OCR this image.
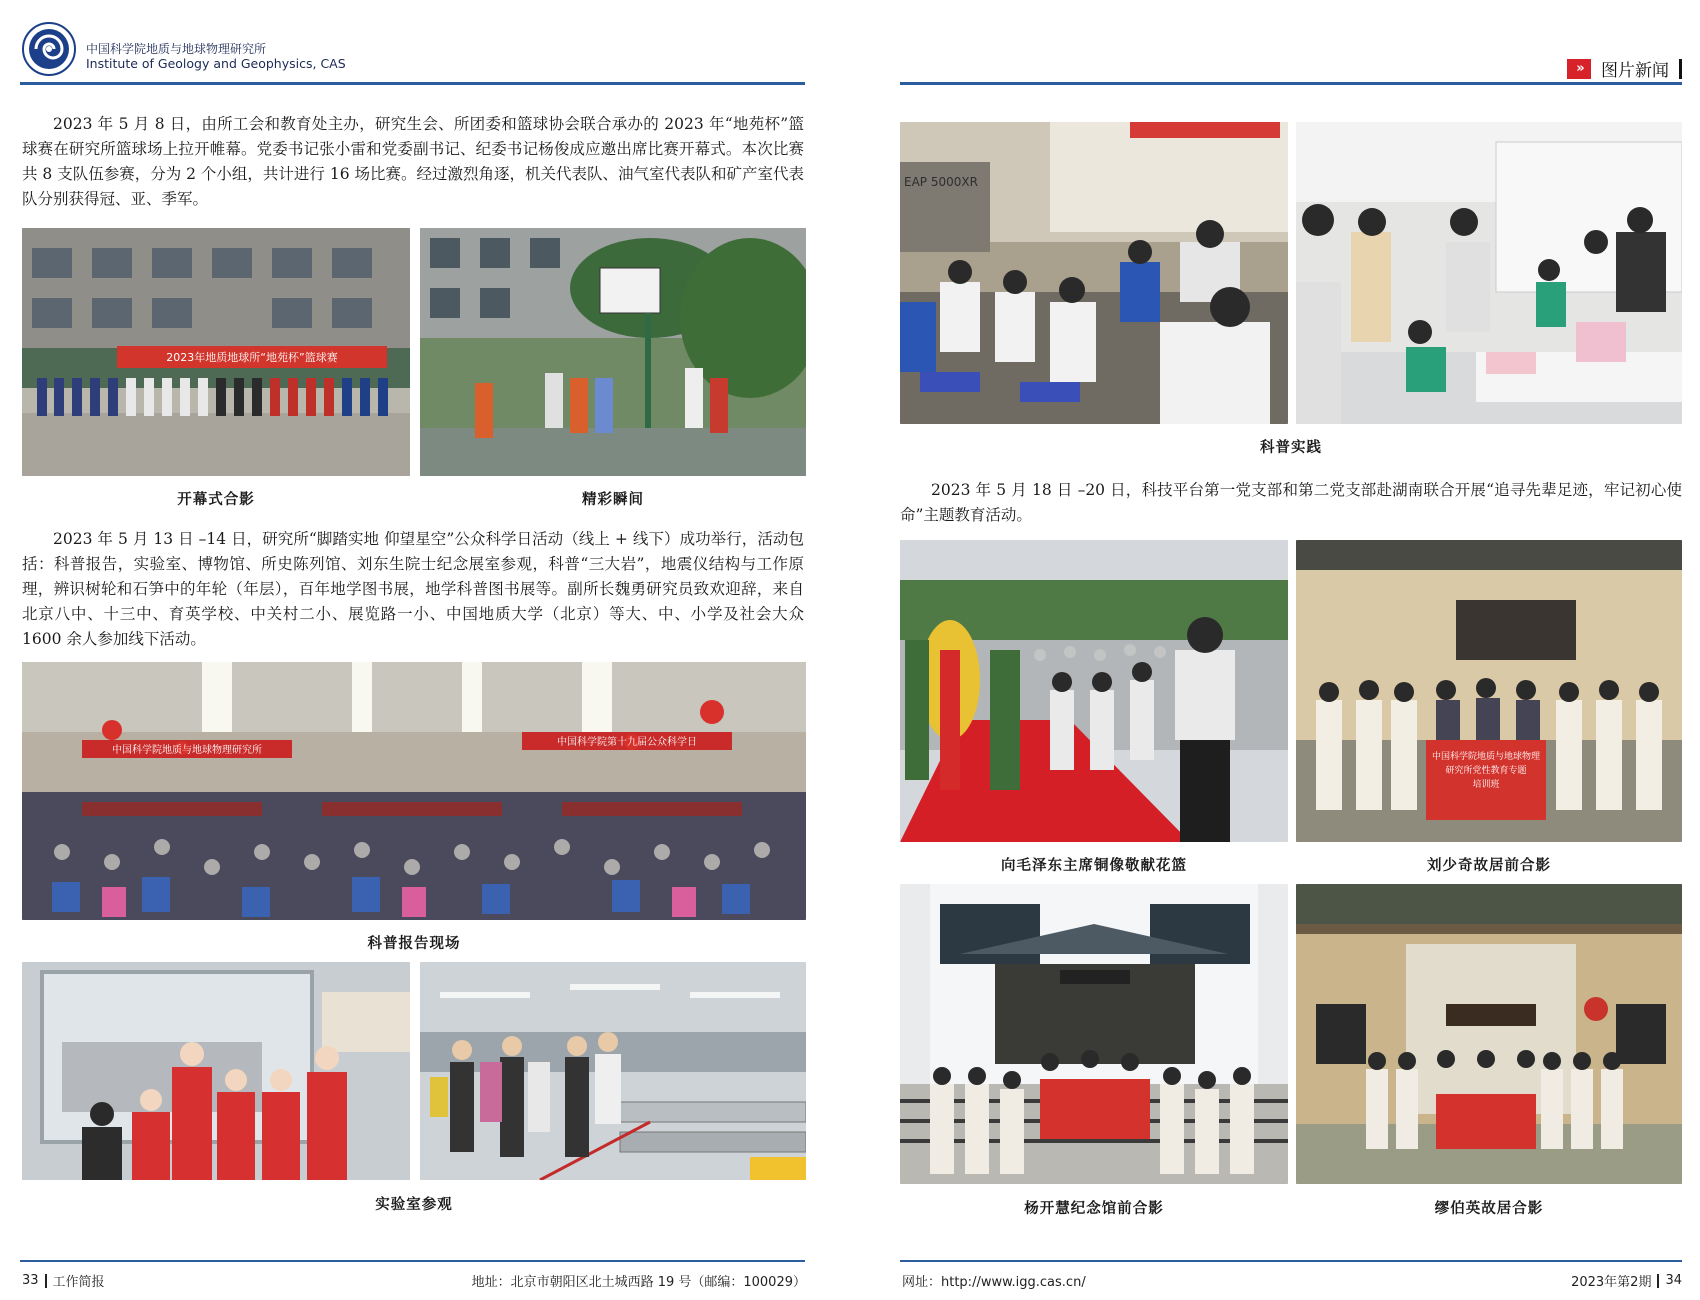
中国科学院地质与地球物理研究所
Institute of Geology and Geophysics, CAS

2023 年 5 月 8 日，由所工会和教育处主办，研究生会、所团委和篮球协会联合承办的 2023 年“地苑杯”篮球赛在研究所篮球场上拉开帷幕。党委书记张小雷和党委副书记、纪委书记杨俊成应邀出席比赛开幕式。本次比赛共 8 支队伍参赛，分为 2 个小组，共计进行 16 场比赛。经过激烈角逐，机关代表队、油气室代表队和矿产室代表队分别获得冠、亚、季军。

2023年地质地球所“地苑杯”篮球赛
开幕式合影	精彩瞬间

2023 年 5 月 13 日 –14 日，研究所“脚踏实地 仰望星空”公众科学日活动（线上 + 线下）成功举行，活动包括：科普报告，实验室、博物馆、所史陈列馆、刘东生院士纪念展室参观，科普“三大岩”，地震仪结构与工作原理，辨识树轮和石笋中的年轮（年层），百年地学图书展，地学科普图书展等。副所长魏勇研究员致欢迎辞，来自北京八中、十三中、育英学校、中关村二小、展览路一小、中国地质大学（北京）等大、中、小学及社会大众 1600 余人参加线下活动。

中国科学院地质与地球物理研究所
中国科学院第十九届公众科学日
科普报告现场
实验室参观
33 工作简报	地址：北京市朝阳区北土城西路 19 号（邮编：100029）
»	图片新闻
EAP 5000XR
科普实践

2023 年 5 月 18 日 –20 日，科技平台第一党支部和第二党支部赴湖南联合开展“追寻先辈足迹，牢记初心使命”主题教育活动。

向毛泽东主席铜像敬献花篮
中国科学院地质与地球物理
研究所党性教育专题
培训班
刘少奇故居前合影
杨开慧纪念馆前合影	缪伯英故居合影
网址：http://www.igg.cas.cn/	2023年第2期 34
